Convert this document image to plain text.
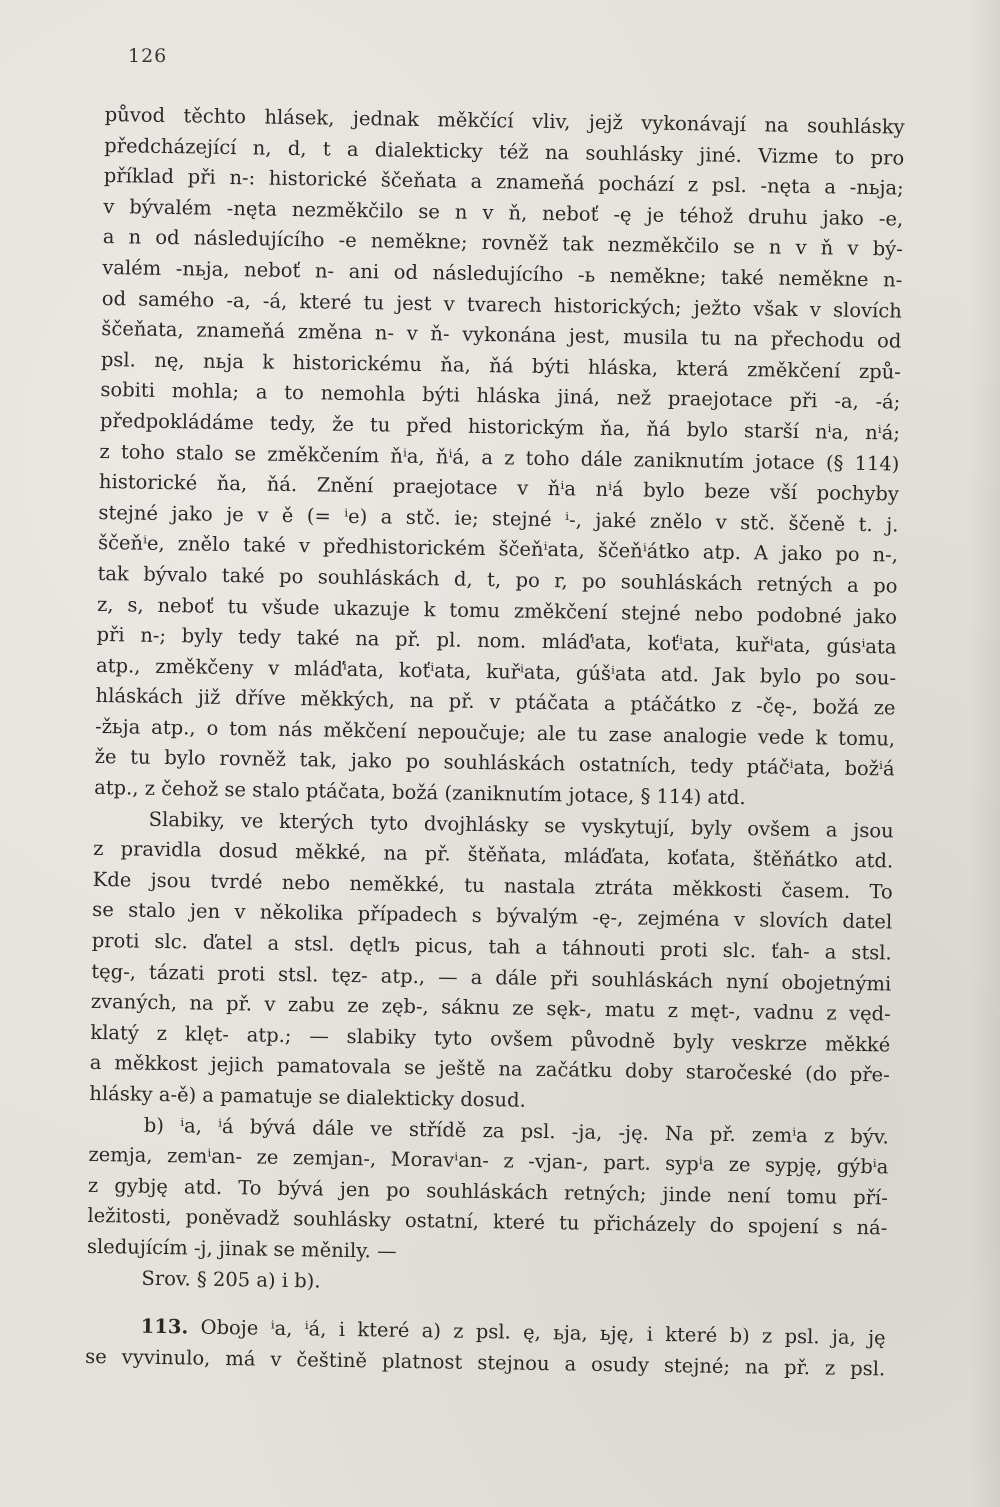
126
původ těchto hlásek, jednak měkčící vliv, jejž vykonávají na souhlásky
předcházející n, d, t a dialekticky též na souhlásky jiné. Vizme to pro
příklad při n-: historické ščeňata a znameňá pochází z psl. -nęta a -nьja;
v bývalém -nęta nezměkčilo se n v ň, neboť -ę je téhož druhu jako -e,
a n od následujícího -e neměkne; rovněž tak nezměkčilo se n v ň v bý-
valém -nьja, neboť n- ani od následujícího -ь neměkne; také neměkne n-
od samého -a, -á, které tu jest v tvarech historických; ježto však v slovích
ščeňata, znameňá změna n- v ň- vykonána jest, musila tu na přechodu od
psl. nę, nьja k historickému ňa, ňá býti hláska, která změkčení způ-
sobiti mohla; a to nemohla býti hláska jiná, než praejotace při -a, -á;
předpokládáme tedy, že tu před historickým ňa, ňá bylo starší nⁱa, nⁱá;
z toho stalo se změkčením ňⁱa, ňⁱá, a z toho dále zaniknutím jotace (§ 114)
historické ňa, ňá. Znění praejotace v ňⁱa nⁱá bylo beze vší pochyby
stejné jako je v ě (= ⁱe) a stč. ie; stejné ⁱ-, jaké znělo v stč. ščeně t. j.
ščeňⁱe, znělo také v předhistorickém ščeňⁱata, ščeňⁱátko atp. A jako po n-,
tak bývalo také po souhláskách d, t, po r, po souhláskách retných a po
z, s, neboť tu všude ukazuje k tomu změkčení stejné nebo podobné jako
při n-; byly tedy také na př. pl. nom. mláďⁱata, koťⁱata, kuřⁱata, gúsⁱata
atp., změkčeny v mláďⁱata, koťⁱata, kuřⁱata, gúšⁱata atd. Jak bylo po sou-
hláskách již dříve měkkých, na př. v ptáčata a ptáčátko z -čę-, božá ze
-žьja atp., o tom nás měkčení nepoučuje; ale tu zase analogie vede k tomu,
že tu bylo rovněž tak, jako po souhláskách ostatních, tedy ptáčⁱata, božⁱá
atp., z čehož se stalo ptáčata, božá (zaniknutím jotace, § 114) atd.
Slabiky, ve kterých tyto dvojhlásky se vyskytují, byly ovšem a jsou
z pravidla dosud měkké, na př. štěňata, mláďata, koťata, štěňátko atd.
Kde jsou tvrdé nebo neměkké, tu nastala ztráta měkkosti časem. To
se stalo jen v několika případech s bývalým -ę-, zejména v slovích datel
proti slc. ďatel a stsl. dętlъ picus, tah a táhnouti proti slc. ťah- a stsl.
tęg-, tázati proti stsl. tęz- atp., — a dále při souhláskách nyní obojetnými
zvaných, na př. v zabu ze zęb-, sáknu ze sęk-, matu z męt-, vadnu z vęd-
klatý z klęt- atp.; — slabiky tyto ovšem původně byly veskrze měkké
a měkkost jejich pamatovala se ještě na začátku doby staročeské (do pře-
hlásky a-ě) a pamatuje se dialekticky dosud.
b) ⁱa, ⁱá bývá dále ve střídě za psl. -ja, -ję. Na př. zemⁱa z býv.
zemja, zemⁱan- ze zemjan-, Moravⁱan- z -vjan-, part. sypⁱa ze sypję, gýbⁱa
z gybję atd. To bývá jen po souhláskách retných; jinde není tomu pří-
ležitosti, poněvadž souhlásky ostatní, které tu přicházely do spojení s ná-
sledujícím -j, jinak se měnily. —
Srov. § 205 a) i b).
113. Oboje ⁱa, ⁱá, i které a) z psl. ę, ьja, ьję, i které b) z psl. ja, ję
se vyvinulo, má v češtině platnost stejnou a osudy stejné; na př. z psl.
